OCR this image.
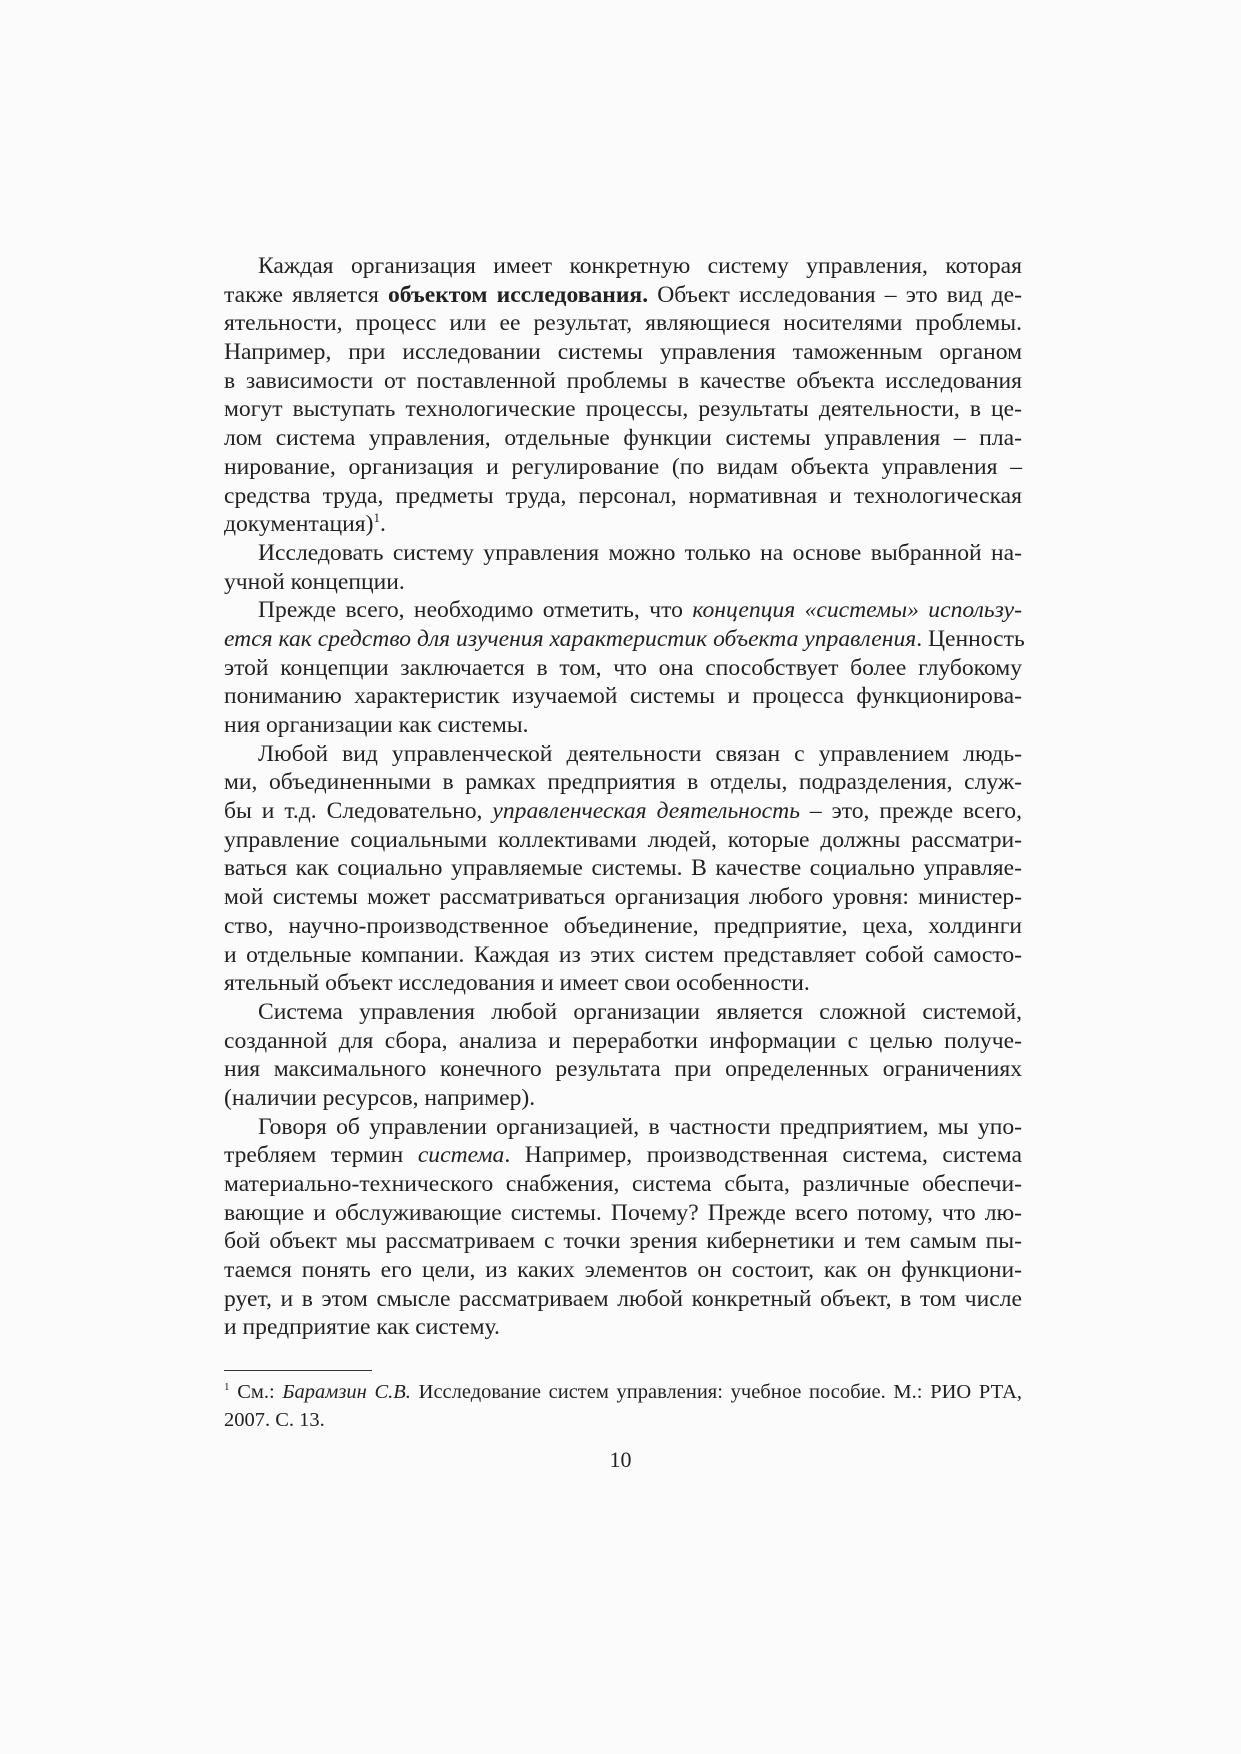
Каждая организация имеет конкретную систему управления, которая
также является объектом исследования. Объект исследования – это вид де-
ятельности, процесс или ее результат, являющиеся носителями проблемы.
Например, при исследовании системы управления таможенным органом
в зависимости от поставленной проблемы в качестве объекта исследования
могут выступать технологические процессы, результаты деятельности, в це-
лом система управления, отдельные функции системы управления – пла-
нирование, организация и регулирование (по видам объекта управления –
средства труда, предметы труда, персонал, нормативная и технологическая
документация)$^1$.
Исследовать систему управления можно только на основе выбранной на-
учной концепции.
Прежде всего, необходимо отметить, что концепция «системы» использу-
ется как средство для изучения характеристик объекта управления. Ценность
этой концепции заключается в том, что она способствует более глубокому
пониманию характеристик изучаемой системы и процесса функционирова-
ния организации как системы.
Любой вид управленческой деятельности связан с управлением людь-
ми, объединенными в рамках предприятия в отделы, подразделения, служ-
бы и т.д. Следовательно, управленческая деятельность – это, прежде всего,
управление социальными коллективами людей, которые должны рассматри-
ваться как социально управляемые системы. В качестве социально управляе-
мой системы может рассматриваться организация любого уровня: министер-
ство, научно-производственное объединение, предприятие, цеха, холдинги
и отдельные компании. Каждая из этих систем представляет собой самосто-
ятельный объект исследования и имеет свои особенности.
Система управления любой организации является сложной системой,
созданной для сбора, анализа и переработки информации с целью получе-
ния максимального конечного результата при определенных ограничениях
(наличии ресурсов, например).
Говоря об управлении организацией, в частности предприятием, мы упо-
требляем термин система. Например, производственная система, система
материально-технического снабжения, система сбыта, различные обеспечи-
вающие и обслуживающие системы. Почему? Прежде всего потому, что лю-
бой объект мы рассматриваем с точки зрения кибернетики и тем самым пы-
таемся понять его цели, из каких элементов он состоит, как он функциони-
рует, и в этом смысле рассматриваем любой конкретный объект, в том числе
и предприятие как систему.
$^1$ См.: Барамзин С.В. Исследование систем управления: учебное пособие. М.: РИО РТА,
2007. С. 13.
10
